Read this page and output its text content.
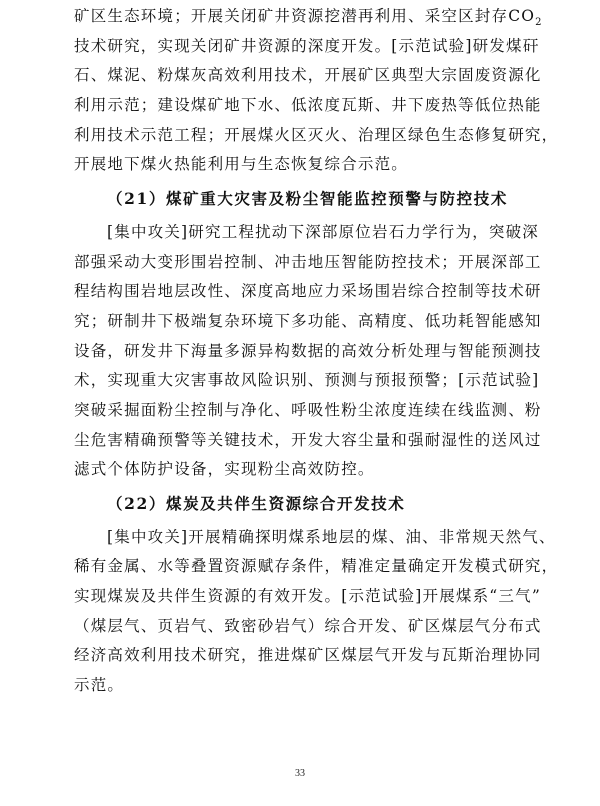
矿区生态环境；开展关闭矿井资源挖潜再利用、采空区封存$CO_2$
技术研究，实现关闭矿井资源的深度开发。[示范试验]研发煤矸
石、煤泥、粉煤灰高效利用技术，开展矿区典型大宗固废资源化
利用示范；建设煤矿地下水、低浓度瓦斯、井下废热等低位热能
利用技术示范工程；开展煤火区灭火、治理区绿色生态修复研究，
开展地下煤火热能利用与生态恢复综合示范。
（21）煤矿重大灾害及粉尘智能监控预警与防控技术
[集中攻关]研究工程扰动下深部原位岩石力学行为，突破深
部强采动大变形围岩控制、冲击地压智能防控技术；开展深部工
程结构围岩地层改性、深度高地应力采场围岩综合控制等技术研
究；研制井下极端复杂环境下多功能、高精度、低功耗智能感知
设备，研发井下海量多源异构数据的高效分析处理与智能预测技
术，实现重大灾害事故风险识别、预测与预报预警；[示范试验]
突破采掘面粉尘控制与净化、呼吸性粉尘浓度连续在线监测、粉
尘危害精确预警等关键技术，开发大容尘量和强耐湿性的送风过
滤式个体防护设备，实现粉尘高效防控。
（22）煤炭及共伴生资源综合开发技术
[集中攻关]开展精确探明煤系地层的煤、油、非常规天然气、
稀有金属、水等叠置资源赋存条件，精准定量确定开发模式研究，
实现煤炭及共伴生资源的有效开发。[示范试验]开展煤系“三气”
（煤层气、页岩气、致密砂岩气）综合开发、矿区煤层气分布式
经济高效利用技术研究，推进煤矿区煤层气开发与瓦斯治理协同
示范。
33
